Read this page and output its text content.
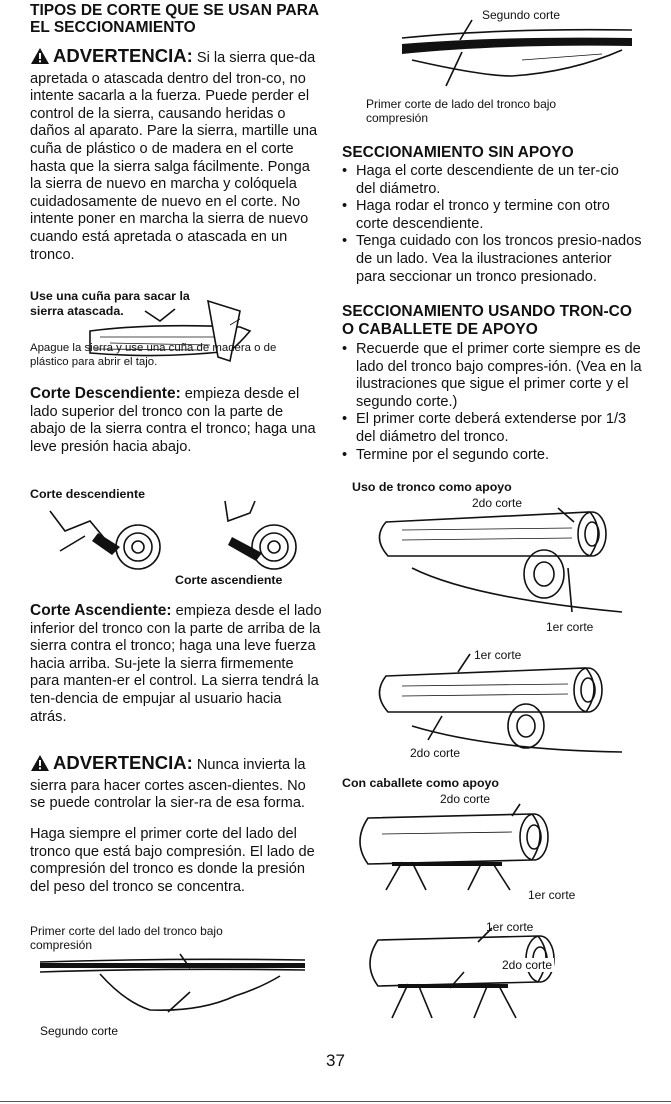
TIPOS DE CORTE QUE SE USAN PARA EL SECCIONAMIENTO

ADVERTENCIA: Si la sierra que-da apretada o atascada dentro del tron-co, no intente sacarla a la fuerza. Puede perder el control de la sierra, causando heridas o daños al aparato. Pare la sierra, martille una cuña de plástico o de madera en el corte hasta que la sierra salga fácilmente. Ponga la sierra de nuevo en marcha y colóquela cuidadosamente de nuevo en el corte. No intente poner en marcha la sierra de nuevo cuando está apretada o atascada en un tronco.

Use una cuña para sacar la sierra atascada.
Apague la sierra y use una cuña de madera o de plástico para abrir el tajo.

Corte Descendiente: empieza desde el lado superior del tronco con la parte de abajo de la sierra contra el tronco; haga una leve presión hacia abajo.

Corte descendiente
Corte ascendiente

Corte Ascendiente: empieza desde el lado inferior del tronco con la parte de arriba de la sierra contra el tronco; haga una leve fuerza hacia arriba. Su-jete la sierra firmemente para manten-er el control. La sierra tendrá la ten-dencia de empujar al usuario hacia atrás.

ADVERTENCIA: Nunca invierta la sierra para hacer cortes ascen-dientes. No se puede controlar la sier-ra de esa forma.

Haga siempre el primer corte del lado del tronco que está bajo compresión. El lado de compresión del tronco es donde la presión del peso del tronco se concentra.

Primer corte del lado del tronco bajo compresión
Segundo corte
Segundo corte
Primer corte de lado del tronco bajo compresión

SECCIONAMIENTO SIN APOYO

• Haga el corte descendiente de un ter-cio del diámetro.
• Haga rodar el tronco y termine con otro corte descendiente.
• Tenga cuidado con los troncos presio-nados de un lado. Vea la ilustraciones anterior para seccionar un tronco presionado.

SECCIONAMIENTO USANDO TRON-CO O CABALLETE DE APOYO

• Recuerde que el primer corte siempre es de lado del tronco bajo compres-ión. (Vea en la ilustraciones que sigue el primer corte y el segundo corte.)
• El primer corte deberá extenderse por 1/3 del diámetro del tronco.
• Termine por el segundo corte.
Uso de tronco como apoyo
2do corte
1er corte
1er corte
2do corte
Con caballete como apoyo
2do corte
1er corte
1er corte
2do corte
37
